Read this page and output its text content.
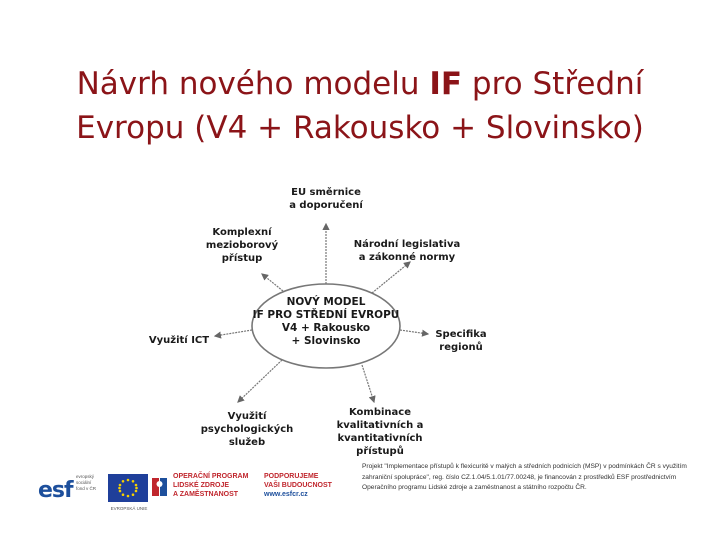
Návrh nového modelu IF pro Střední
Evropu (V4 + Rakousko + Slovinsko)
NOVÝ MODEL
IF PRO STŘEDNÍ EVROPU
V4 + Rakousko
+ Slovinsko
EU směrnice
a doporučení
Národní legislativa
a zákonné normy
Specifika
regionů
Kombinace
kvalitativních a
kvantitativních
přístupů
Využití
psychologických
služeb
Využití ICT
Komplexní
mezioborový
přístup
esf
evropský
sociální
fond v ČR
EVROPSKÁ UNIE
OPERAČNÍ PROGRAM
LIDSKÉ ZDROJE
A ZAMĚSTNANOST
PODPORUJEME
VAŠI BUDOUCNOST
www.esfcr.cz
Projekt "Implementace přístupů k flexicuritě v malých a středních podnicích (MSP) v podmínkách ČR s využitím zahraniční spolupráce", reg. číslo CZ.1.04/5.1.01/77.00248, je financován z prostředků ESF prostřednictvím Operačního programu Lidské zdroje a zaměstnanost a státního rozpočtu ČR.
